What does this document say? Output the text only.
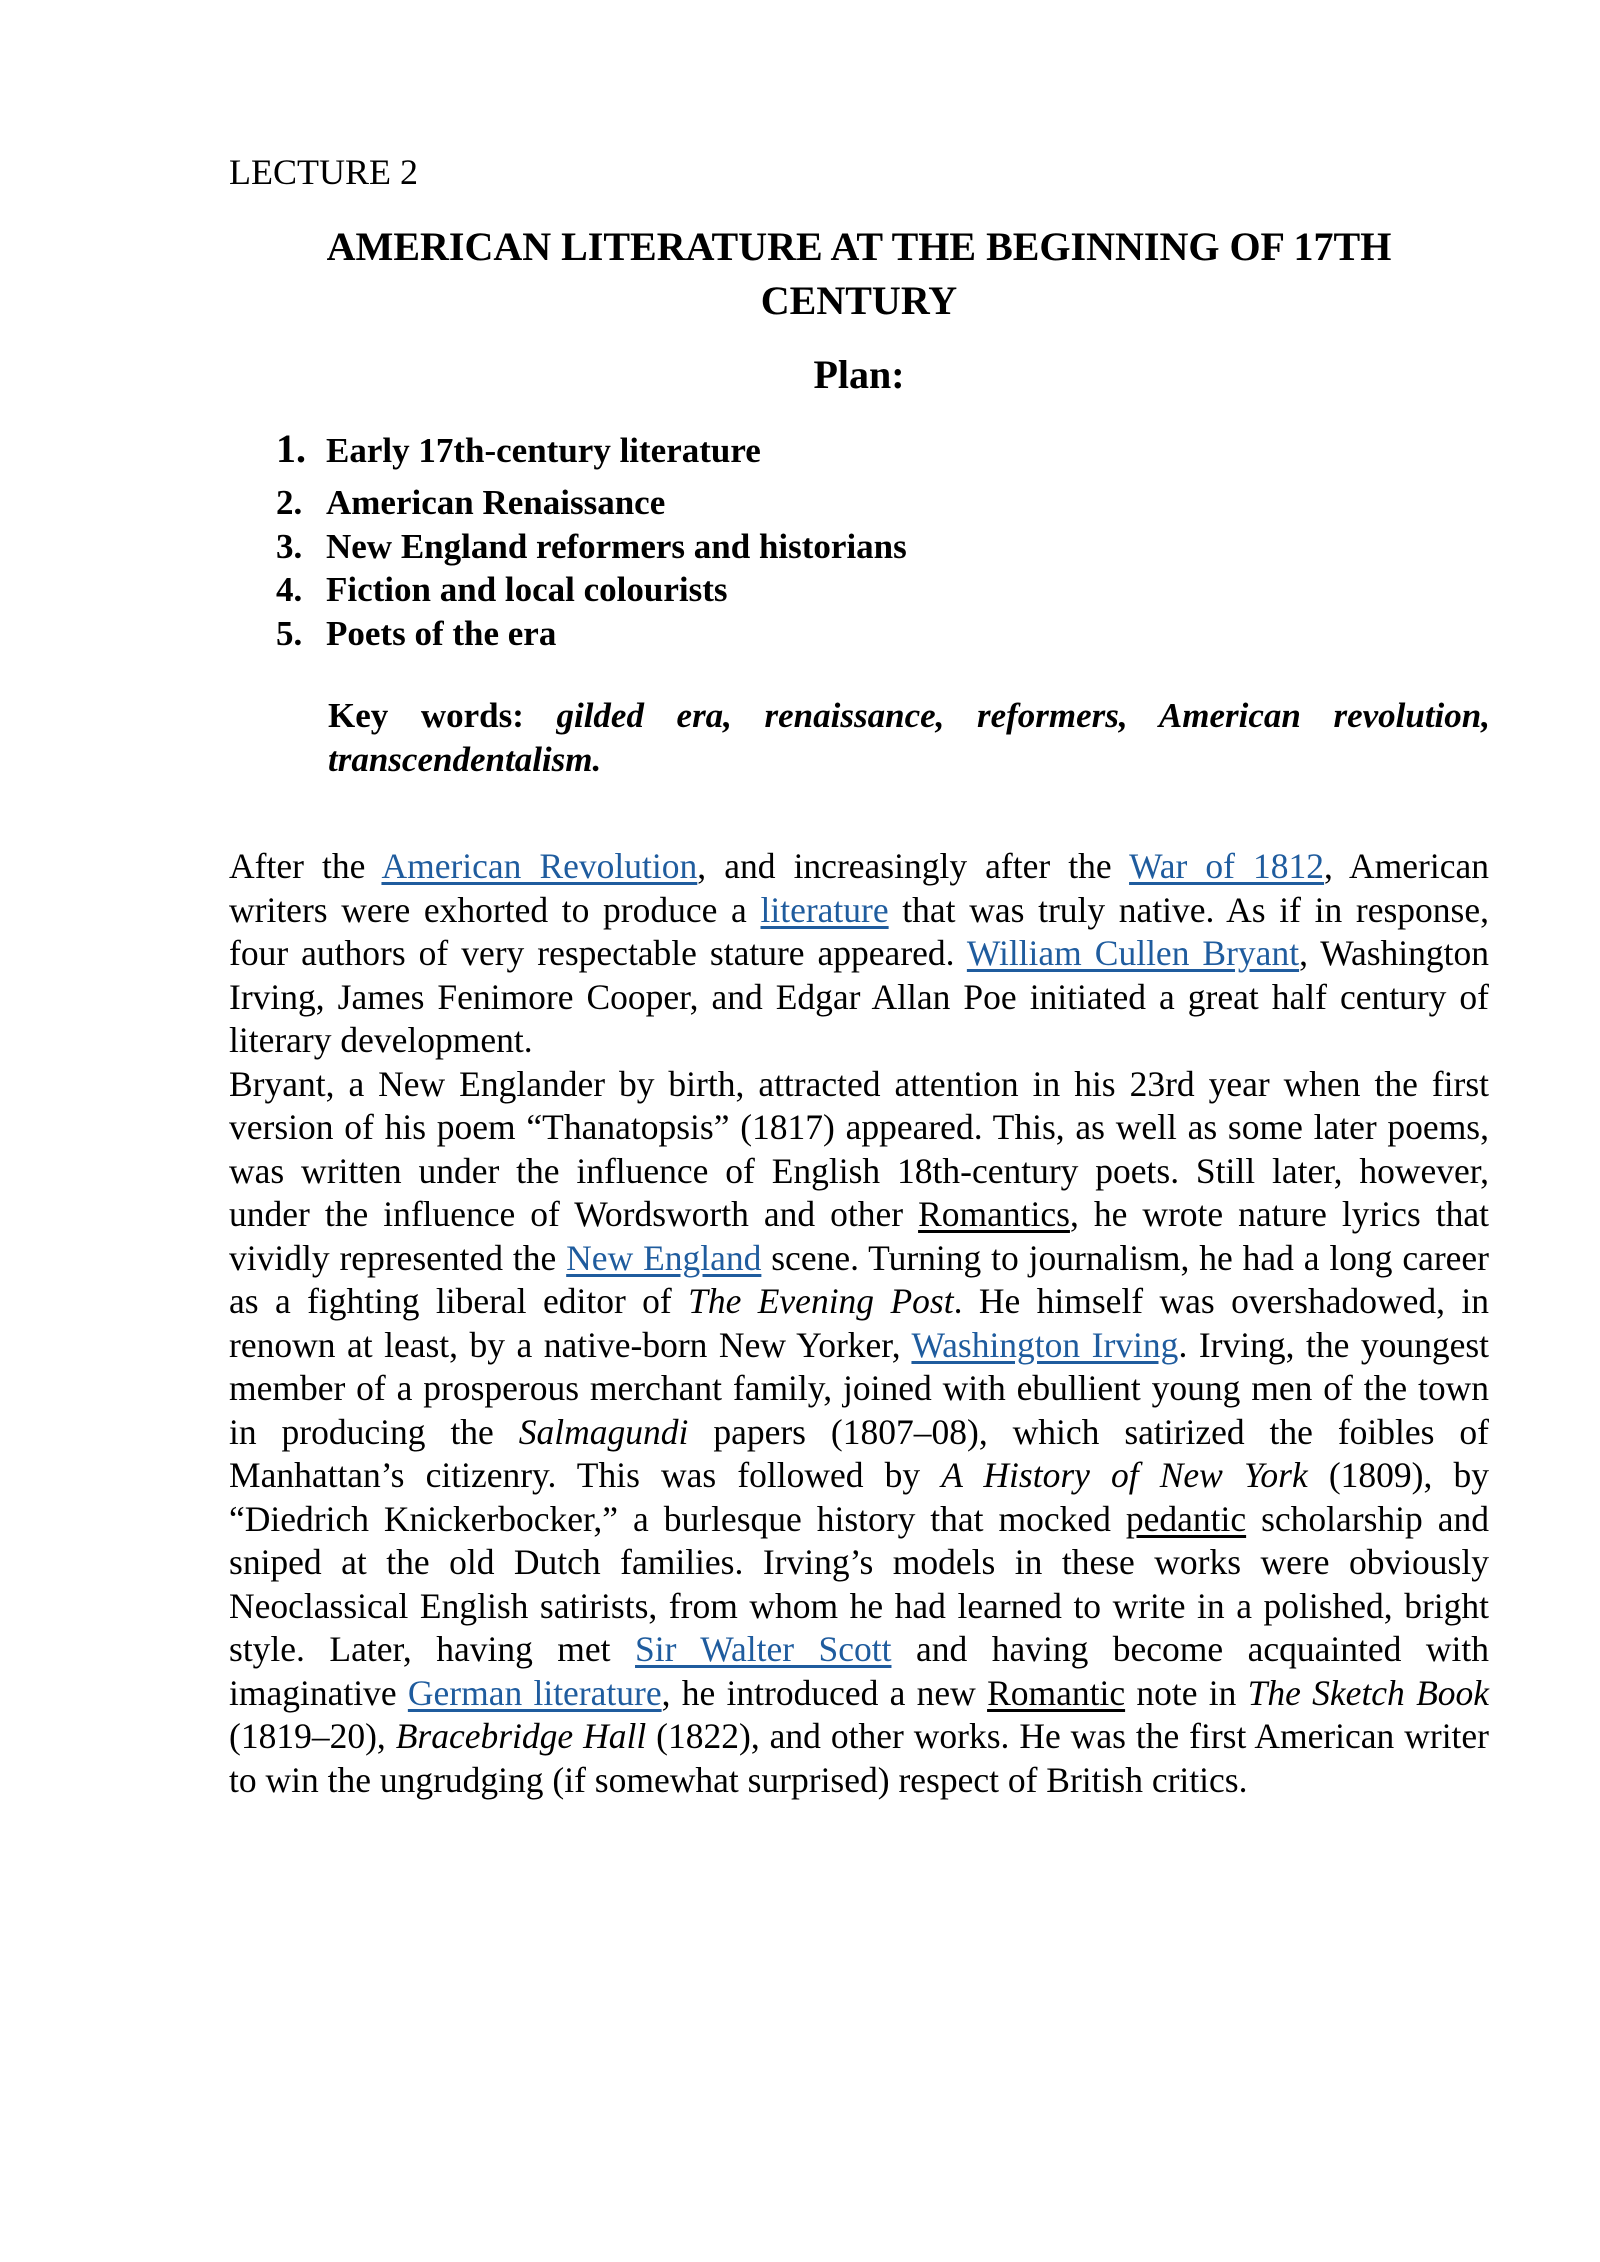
LECTURE 2
AMERICAN LITERATURE AT THE BEGINNING OF 17TH CENTURY
Plan:
1. Early 17th-century literature
2. American Renaissance
3. New England reformers and historians
4. Fiction and local colourists
5. Poets of the era
Key words: gilded era, renaissance, reformers, American revolution, transcendentalism.

After the American Revolution, and increasingly after the War of 1812, American writers were exhorted to produce a literature that was truly native. As if in response, four authors of very respectable stature appeared. William Cullen Bryant, Washington Irving, James Fenimore Cooper, and Edgar Allan Poe initiated a great half century of literary development.

Bryant, a New Englander by birth, attracted attention in his 23rd year when the first version of his poem “Thanatopsis” (1817) appeared. This, as well as some later poems, was written under the influence of English 18th-century poets. Still later, however, under the influence of Wordsworth and other Romantics, he wrote nature lyrics that vividly represented the New England scene. Turning to journalism, he had a long career as a fighting liberal editor of The Evening Post. He himself was overshadowed, in renown at least, by a native-born New Yorker, Washington Irving. Irving, the youngest member of a prosperous merchant family, joined with ebullient young men of the town in producing the Salmagundi papers (1807–08), which satirized the foibles of Manhattan’s citizenry. This was followed by A History of New York (1809), by “Diedrich Knickerbocker,” a burlesque history that mocked pedantic scholarship and sniped at the old Dutch families. Irving’s models in these works were obviously Neoclassical English satirists, from whom he had learned to write in a polished, bright style. Later, having met Sir Walter Scott and having become acquainted with imaginative German literature, he introduced a new Romantic note in The Sketch Book (1819–20), Bracebridge Hall (1822), and other works. He was the first American writer to win the ungrudging (if somewhat surprised) respect of British critics.
